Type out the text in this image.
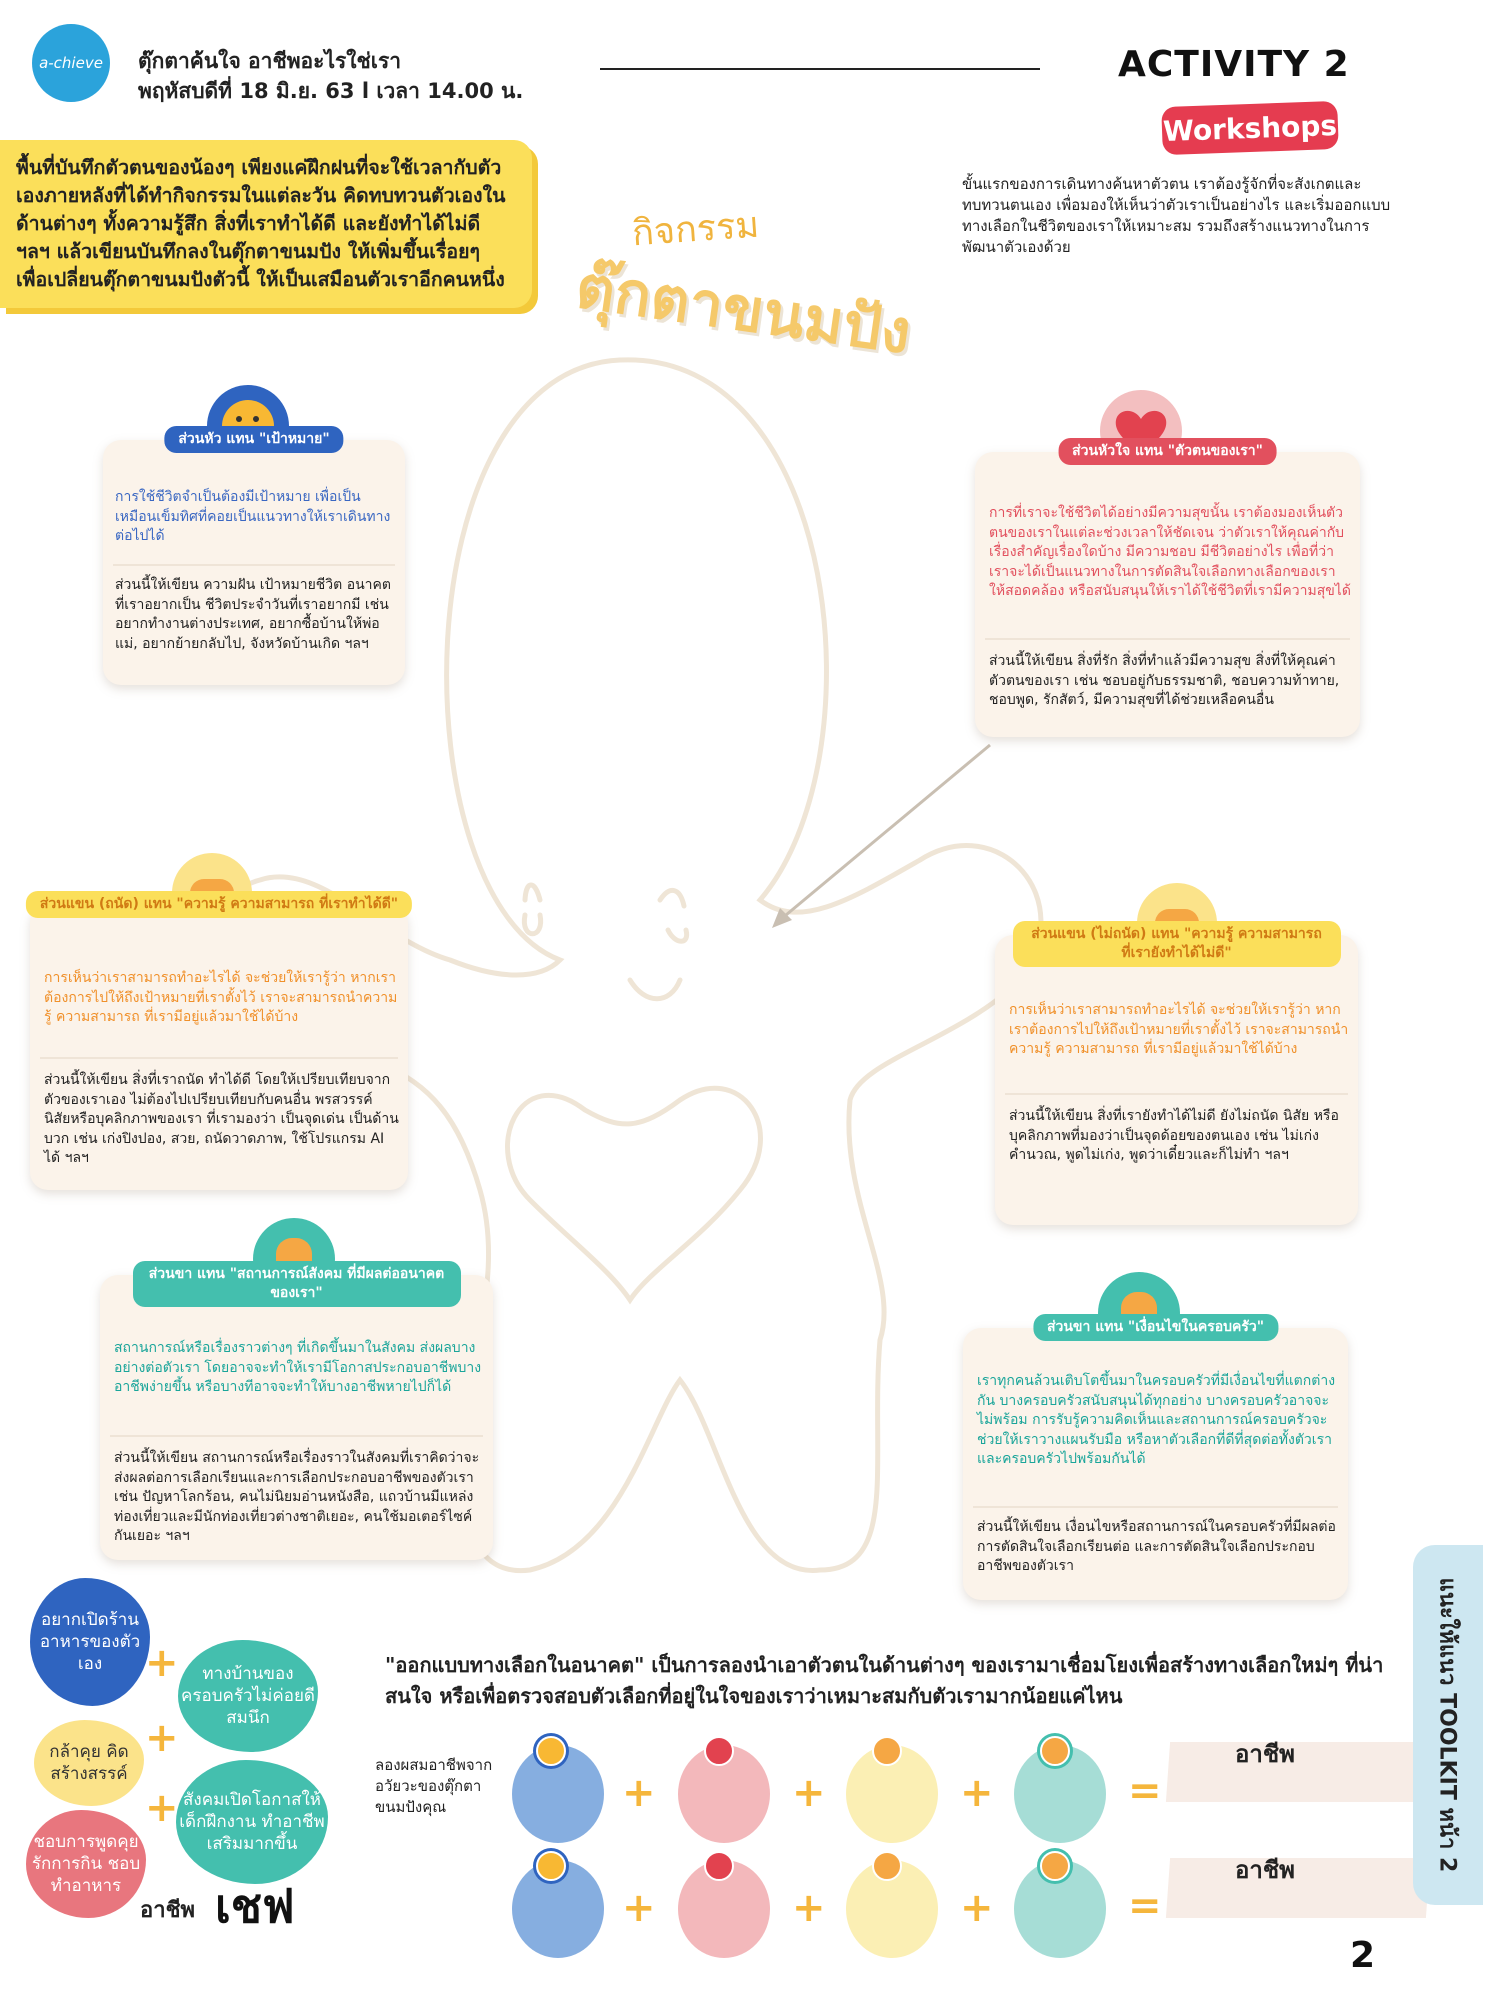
a-chieve	ตุ๊กตาค้นใจ อาชีพอะไรใช่เรา
พฤหัสบดีที่ 18 มิ.ย. 63 l เวลา 14.00 น.
ACTIVITY 2
Workshops
ขั้นแรกของการเดินทางค้นหาตัวตน เราต้องรู้จักที่จะสังเกตและทบทวนตนเอง เพื่อมองให้เห็นว่าตัวเราเป็นอย่างไร และเริ่มออกแบบทางเลือกในชีวิตของเราให้เหมาะสม รวมถึงสร้างแนวทางในการพัฒนาตัวเองด้วย
พื้นที่บันทึกตัวตนของน้องๆ เพียงแค่ฝึกฝนที่จะใช้เวลากับตัวเองภายหลังที่ได้ทำกิจกรรมในแต่ละวัน คิดทบทวนตัวเองในด้านต่างๆ ทั้งความรู้สึก สิ่งที่เราทำได้ดี และยังทำได้ไม่ดี ฯลฯ แล้วเขียนบันทึกลงในตุ๊กตาขนมปัง ให้เพิ่มขึ้นเรื่อยๆ เพื่อเปลี่ยนตุ๊กตาขนมปังตัวนี้ ให้เป็นเสมือนตัวเราอีกคนหนึ่ง
กิจกรรม
ตุ๊กตาขนมปัง
ส่วนหัว แทน "เป้าหมาย"
การใช้ชีวิตจำเป็นต้องมีเป้าหมาย เพื่อเป็นเหมือนเข็มทิศที่คอยเป็นแนวทางให้เราเดินทางต่อไปได้
ส่วนนี้ให้เขียน ความฝัน เป้าหมายชีวิต อนาคตที่เราอยากเป็น ชีวิตประจำวันที่เราอยากมี เช่น อยากทำงานต่างประเทศ, อยากซื้อบ้านให้พ่อแม่, อยากย้ายกลับไป, จังหวัดบ้านเกิด ฯลฯ
ส่วนหัวใจ แทน "ตัวตนของเรา"
การที่เราจะใช้ชีวิตได้อย่างมีความสุขนั้น เราต้องมองเห็นตัวตนของเราในแต่ละช่วงเวลาให้ชัดเจน ว่าตัวเราให้คุณค่ากับเรื่องสำคัญเรื่องใดบ้าง มีความชอบ มีชีวิตอย่างไร เพื่อที่ว่าเราจะได้เป็นแนวทางในการตัดสินใจเลือกทางเลือกของเราให้สอดคล้อง หรือสนับสนุนให้เราได้ใช้ชีวิตที่เรามีความสุขได้
ส่วนนี้ให้เขียน สิ่งที่รัก สิ่งที่ทำแล้วมีความสุข สิ่งที่ให้คุณค่า ตัวตนของเรา เช่น ชอบอยู่กับธรรมชาติ, ชอบความท้าทาย, ชอบพูด, รักสัตว์, มีความสุขที่ได้ช่วยเหลือคนอื่น
ส่วนแขน (ถนัด) แทน "ความรู้ ความสามารถ ที่เราทำได้ดี"
การเห็นว่าเราสามารถทำอะไรได้ จะช่วยให้เรารู้ว่า หากเราต้องการไปให้ถึงเป้าหมายที่เราตั้งไว้ เราจะสามารถนำความรู้ ความสามารถ ที่เรามีอยู่แล้วมาใช้ได้บ้าง
ส่วนนี้ให้เขียน สิ่งที่เราถนัด ทำได้ดี โดยให้เปรียบเทียบจากตัวของเราเอง ไม่ต้องไปเปรียบเทียบกับคนอื่น พรสวรรค์ นิสัยหรือบุคลิกภาพของเรา ที่เรามองว่า เป็นจุดเด่น เป็นด้านบวก เช่น เก่งปิงปอง, สวย, ถนัดวาดภาพ, ใช้โปรแกรม AI ได้ ฯลฯ
ส่วนแขน (ไม่ถนัด) แทน "ความรู้ ความสามารถ ที่เรายังทำได้ไม่ดี"
การเห็นว่าเราสามารถทำอะไรได้ จะช่วยให้เรารู้ว่า หากเราต้องการไปให้ถึงเป้าหมายที่เราตั้งไว้ เราจะสามารถนำความรู้ ความสามารถ ที่เรามีอยู่แล้วมาใช้ได้บ้าง
ส่วนนี้ให้เขียน สิ่งที่เรายังทำได้ไม่ดี ยังไม่ถนัด นิสัย หรือบุคลิกภาพที่มองว่าเป็นจุดด้อยของตนเอง เช่น ไม่เก่งคำนวณ, พูดไม่เก่ง, พูดว่าเดี๋ยวและก็ไม่ทำ ฯลฯ
ส่วนขา แทน "สถานการณ์สังคม ที่มีผลต่ออนาคตของเรา"
สถานการณ์หรือเรื่องราวต่างๆ ที่เกิดขึ้นมาในสังคม ส่งผลบางอย่างต่อตัวเรา โดยอาจจะทำให้เรามีโอกาสประกอบอาชีพบางอาชีพง่ายขึ้น หรือบางทีอาจจะทำให้บางอาชีพหายไปก็ได้
ส่วนนี้ให้เขียน สถานการณ์หรือเรื่องราวในสังคมที่เราคิดว่าจะส่งผลต่อการเลือกเรียนและการเลือกประกอบอาชีพของตัวเรา เช่น ปัญหาโลกร้อน, คนไม่นิยมอ่านหนังสือ, แถวบ้านมีแหล่งท่องเที่ยวและมีนักท่องเที่ยวต่างชาติเยอะ, คนใช้มอเตอร์ไซค์กันเยอะ ฯลฯ
ส่วนขา แทน "เงื่อนไขในครอบครัว"
เราทุกคนล้วนเติบโตขึ้นมาในครอบครัวที่มีเงื่อนไขที่แตกต่างกัน บางครอบครัวสนับสนุนได้ทุกอย่าง บางครอบครัวอาจจะไม่พร้อม การรับรู้ความคิดเห็นและสถานการณ์ครอบครัวจะช่วยให้เราวางแผนรับมือ หรือหาตัวเลือกที่ดีที่สุดต่อทั้งตัวเราและครอบครัวไปพร้อมกันได้
ส่วนนี้ให้เขียน เงื่อนไขหรือสถานการณ์ในครอบครัวที่มีผลต่อการตัดสินใจเลือกเรียนต่อ และการตัดสินใจเลือกประกอบอาชีพของตัวเรา
อยากเปิดร้านอาหารของตัวเอง
กล้าคุย คิดสร้างสรรค์
ชอบการพูดคุย รักการกิน ชอบทำอาหาร
ทางบ้านของครอบครัวไม่ค่อยดี สมนึก
สังคมเปิดโอกาสให้เด็กฝึกงาน ทำอาชีพเสริมมากขึ้น
+
+
+
อาชีพ เชฟ
"ออกแบบทางเลือกในอนาคต" เป็นการลองนำเอาตัวตนในด้านต่างๆ ของเรามาเชื่อมโยงเพื่อสร้างทางเลือกใหม่ๆ ที่น่าสนใจ หรือเพื่อตรวจสอบตัวเลือกที่อยู่ในใจของเราว่าเหมาะสมกับตัวเรามากน้อยแค่ไหน
ลองผสมอาชีพจากอวัยวะของตุ๊กตาขนมปังคุณ	+	+	+	=
อาชีพ
+	+	+	=
อาชีพ	แนะให้แนว TOOLKIT หน้า 2
2
